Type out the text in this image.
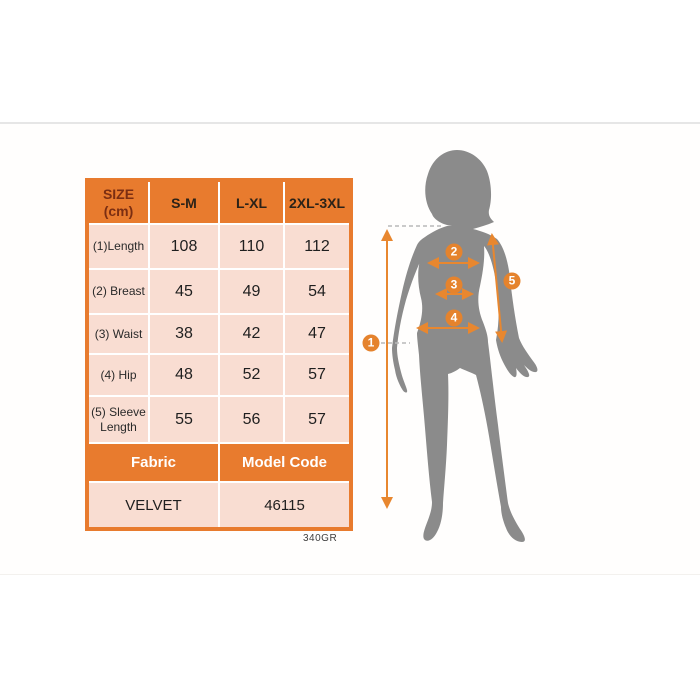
SIZE (cm)	S-M	L-XL	2XL-3XL
(1)Length	108	110	112
(2) Breast	45	49	54
(3) Waist	38	42	47
(4) Hip	48	52	57
(5) Sleeve Length	55	56	57
Fabric		Model Code	
VELVET		46115	
340GR
1
2
3
4
5
